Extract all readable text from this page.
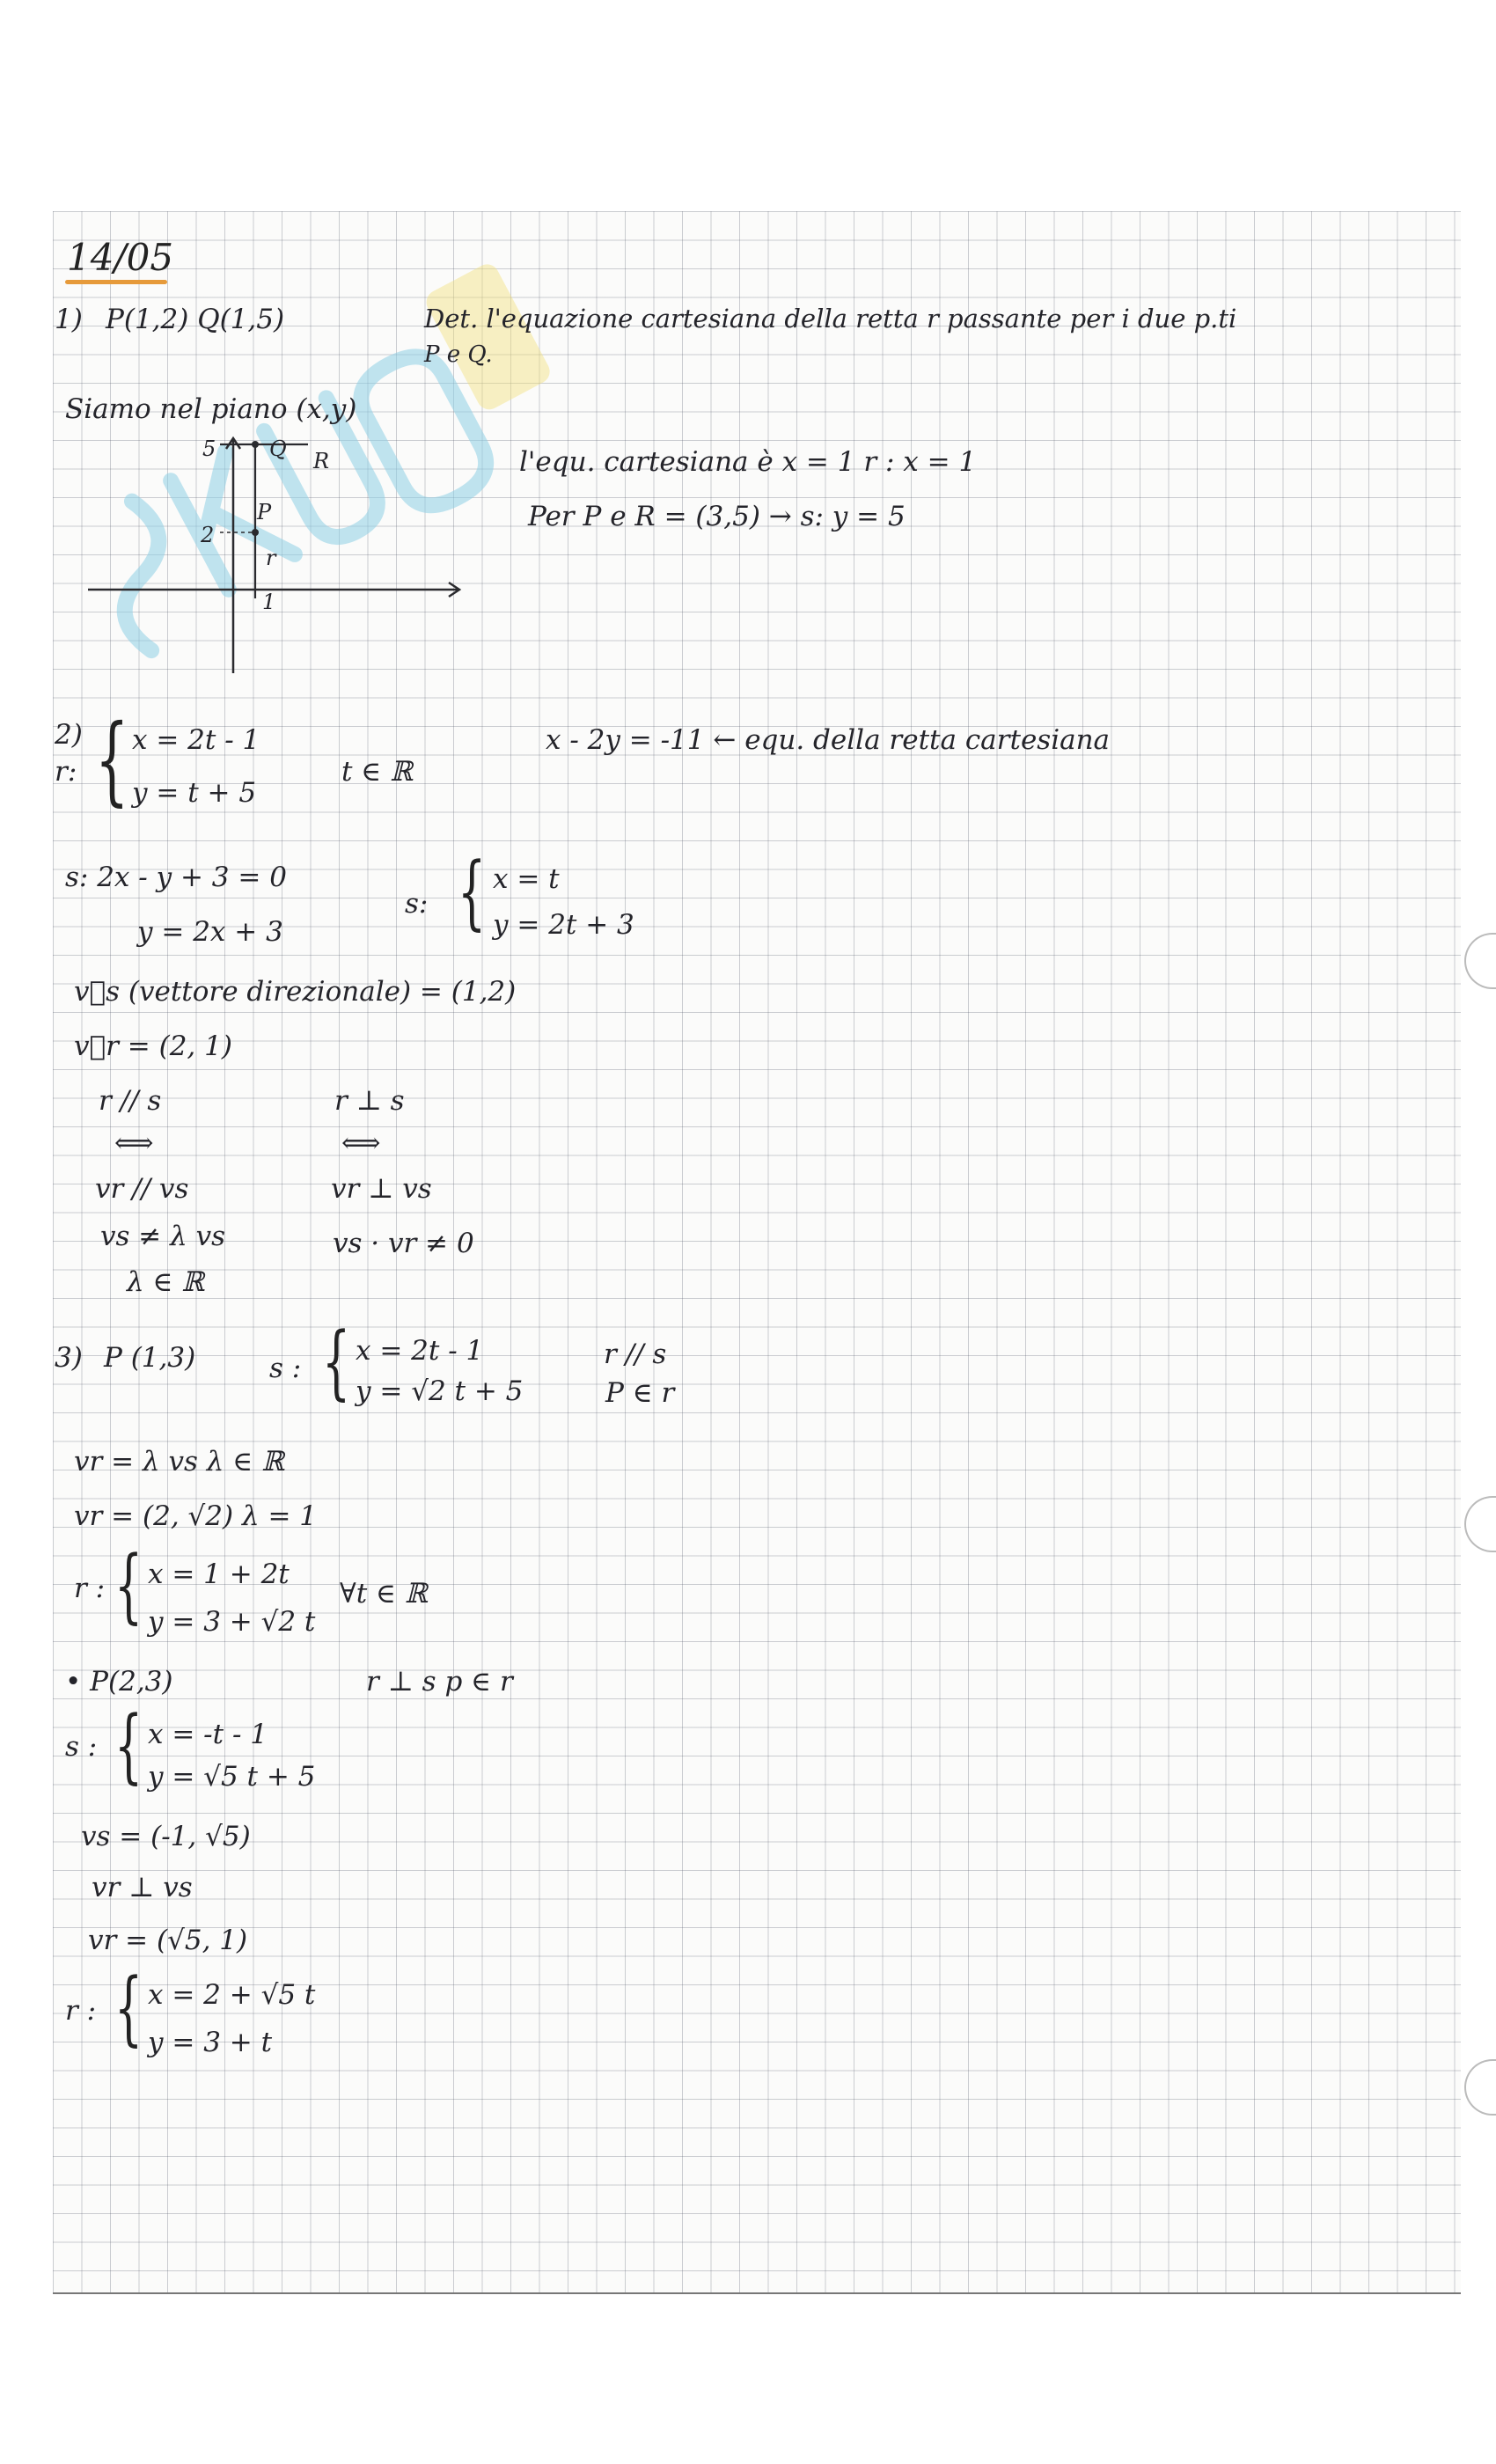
14/05
1) P(1,2) Q(1,5)	Det. l'equazione cartesiana della retta r passante per i due p.ti
P e Q.
Siamo nel piano (x,y)
5
2
1
Q R
P
r
l'equ. cartesiana è x = 1 r : x = 1
Per P e R = (3,5) → s: y = 5
2)
r: { x = 2t - 1
y = t + 5
t ∈ ℝ
x - 2y = -11 ← equ. della retta cartesiana
s: 2x - y + 3 = 0
y = 2x + 3
s: { x = t
y = 2t + 3
v⃗s (vettore direzionale) = (1,2)
v⃗r = (2, 1)
r // s	r ⊥ s
⟺	⟺
vr // vs	vr ⊥ vs
vs ≠ λ vs	vs · vr ≠ 0
λ ∈ ℝ
3) P (1,3)	s : { x = 2t - 1
y = √2 t + 5
r // s
P ∈ r
vr = λ vs λ ∈ ℝ
vr = (2, √2) λ = 1
r : { x = 1 + 2t
y = 3 + √2 t
∀t ∈ ℝ
• P(2,3)	r ⊥ s p ∈ r
s : { x = -t - 1
y = √5 t + 5
vs = (-1, √5)
vr ⊥ vs
vr = (√5, 1)
r : { x = 2 + √5 t
y = 3 + t
